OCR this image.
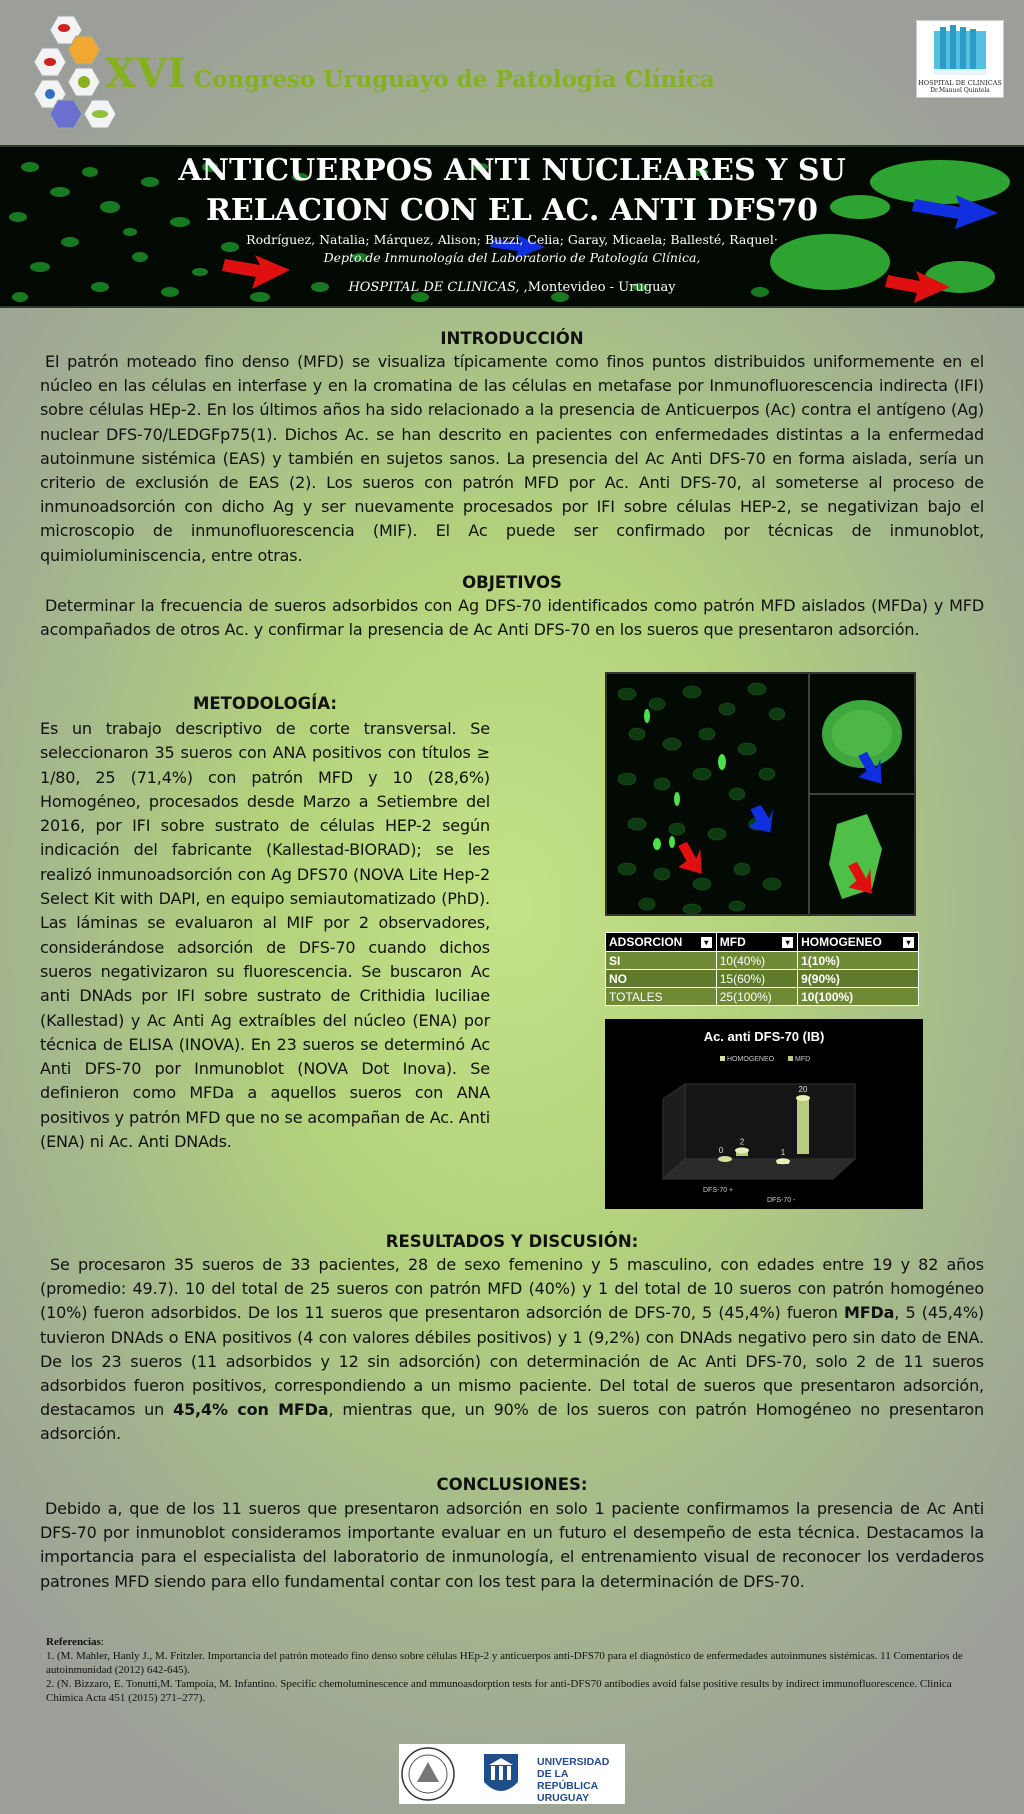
XVI Congreso Uruguayo de Patología Clínica	HOSPITAL DE CLINICAS
Dr.Manuel Quintela
ANTICUERPOS ANTI NUCLEARES Y SU
RELACION CON EL AC. ANTI DFS70
Rodríguez, Natalia; Márquez, Alison; Buzzi, Celia; Garay, Micaela; Ballesté, Raquel·
Depto.de Inmunología del Laboratorio de Patología Clínica,
HOSPITAL DE CLINICAS, ,Montevideo - Uruguay
INTRODUCCIÓN
El patrón moteado fino denso (MFD) se visualiza típicamente como finos puntos distribuidos uniformemente en el núcleo en las células en interfase y en la cromatina de las células en metafase por Inmunofluorescencia indirecta (IFI) sobre células HEp-2. En los últimos años ha sido relacionado a la presencia de Anticuerpos (Ac) contra el antígeno (Ag) nuclear DFS-70/LEDGFp75(1). Dichos Ac. se han descrito en pacientes con enfermedades distintas a la enfermedad autoinmune sistémica (EAS) y también en sujetos sanos. La presencia del Ac Anti DFS-70 en forma aislada, sería un criterio de exclusión de EAS (2). Los sueros con patrón MFD por Ac. Anti DFS-70, al someterse al proceso de inmunoadsorción con dicho Ag y ser nuevamente procesados por IFI sobre células HEP-2, se negativizan bajo el microscopio de inmunofluorescencia (MIF). El Ac puede ser confirmado por técnicas de inmunoblot, quimioluminiscencia, entre otras.
OBJETIVOS
Determinar la frecuencia de sueros adsorbidos con Ag DFS-70 identificados como patrón MFD aislados (MFDa) y MFD acompañados de otros Ac. y confirmar la presencia de Ac Anti DFS-70 en los sueros que presentaron adsorción.
METODOLOGÍA:
Es un trabajo descriptivo de corte transversal. Se seleccionaron 35 sueros con ANA positivos con títulos ≥ 1/80, 25 (71,4%) con patrón MFD y 10 (28,6%) Homogéneo, procesados desde Marzo a Setiembre del 2016, por IFI sobre sustrato de células HEP-2 según indicación del fabricante (Kallestad-BIORAD); se les realizó inmunoadsorción con Ag DFS70 (NOVA Lite Hep-2 Select Kit with DAPI, en equipo semiautomatizado (PhD). Las láminas se evaluaron al MIF por 2 observadores, considerándose adsorción de DFS-70 cuando dichos sueros negativizaron su fluorescencia. Se buscaron Ac anti DNAds por IFI sobre sustrato de Crithidia luciliae (Kallestad) y Ac Anti Ag extraíbles del núcleo (ENA) por técnica de ELISA (INOVA). En 23 sueros se determinó Ac Anti DFS-70 por Inmunoblot (NOVA Dot Inova). Se definieron como MFDa a aquellos sueros con ANA positivos y patrón MFD que no se acompañan de Ac. Anti (ENA) ni Ac. Anti DNAds.
ADSORCION ▾	MFD ▾	HOMOGENEO ▾

SI	10(40%)	1(10%)
NO	15(60%)	9(90%)
TOTALES	25(100%)	10(100%)
Ac. anti DFS-70 (IB)
HOMOGENEO	MFD
0
2
1
20
DFS-70 +
DFS-70 -
RESULTADOS Y DISCUSIÓN:
Se procesaron 35 sueros de 33 pacientes, 28 de sexo femenino y 5 masculino, con edades entre 19 y 82 años (promedio: 49.7). 10 del total de 25 sueros con patrón MFD (40%) y 1 del total de 10 sueros con patrón homogéneo (10%) fueron adsorbidos. De los 11 sueros que presentaron adsorción de DFS-70, 5 (45,4%) fueron MFDa, 5 (45,4%) tuvieron DNAds o ENA positivos (4 con valores débiles positivos) y 1 (9,2%) con DNAds negativo pero sin dato de ENA. De los 23 sueros (11 adsorbidos y 12 sin adsorción) con determinación de Ac Anti DFS-70, solo 2 de 11 sueros adsorbidos fueron positivos, correspondiendo a un mismo paciente. Del total de sueros que presentaron adsorción, destacamos un 45,4% con MFDa, mientras que, un 90% de los sueros con patrón Homogéneo no presentaron adsorción.
CONCLUSIONES:
Debido a, que de los 11 sueros que presentaron adsorción en solo 1 paciente confirmamos la presencia de Ac Anti DFS-70 por inmunoblot consideramos importante evaluar en un futuro el desempeño de esta técnica. Destacamos la importancia para el especialista del laboratorio de inmunología, el entrenamiento visual de reconocer los verdaderos patrones MFD siendo para ello fundamental contar con los test para la determinación de DFS-70.
Referencias:
1. (M. Mahler, Hanly J., M. Fritzler. Importancia del patrón moteado fino denso sobre células HEp-2 y anticuerpos anti-DFS70 para el diagnóstico de enfermedades autoinmunes sistémicas. 11 Comentarios de autoinmunidad (2012) 642-645).
2. (N. Bizzaro, E. Tonutti,M. Tampoia, M. Infantino. Specific chemoluminescence and mmunoasdorption tests for anti-DFS70 antibodies avoid false positive results by indirect immunofluorescence. Clinica Chimica Acta 451 (2015) 271–277).
UNIVERSIDAD
DE LA REPÚBLICA
URUGUAY
